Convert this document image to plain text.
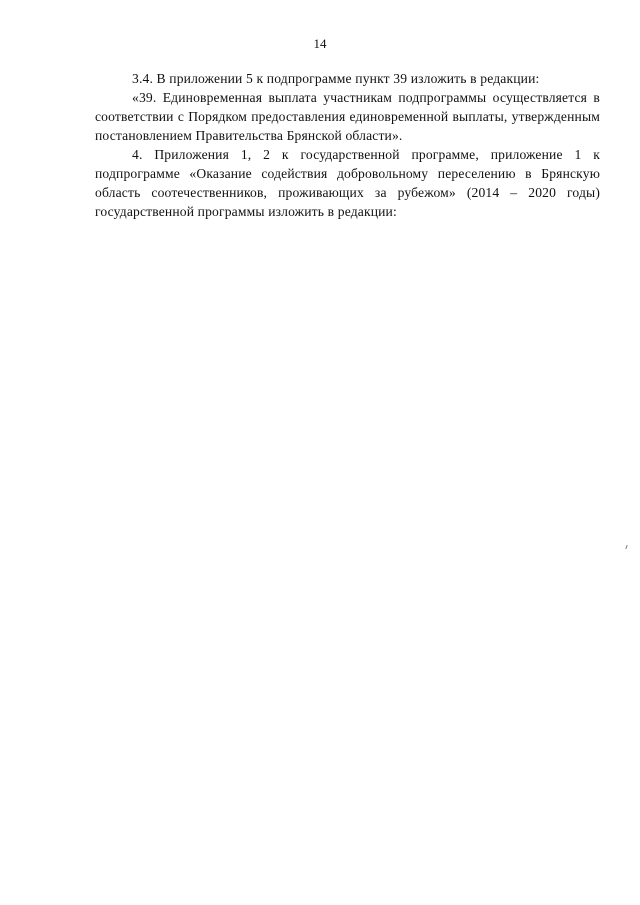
14

3.4. В приложении 5 к подпрограмме пункт 39 изложить в редакции:

«39. Единовременная выплата участникам подпрограммы осуществляется в соответствии с Порядком предоставления единовременной выплаты, утвержденным постановлением Правительства Брянской области».

4. Приложения 1, 2 к государственной программе, приложение 1 к подпрограмме «Оказание содействия добровольному переселению в Брянскую область соотечественников, проживающих за рубежом» (2014 – 2020 годы) государственной программы изложить в редакции:
